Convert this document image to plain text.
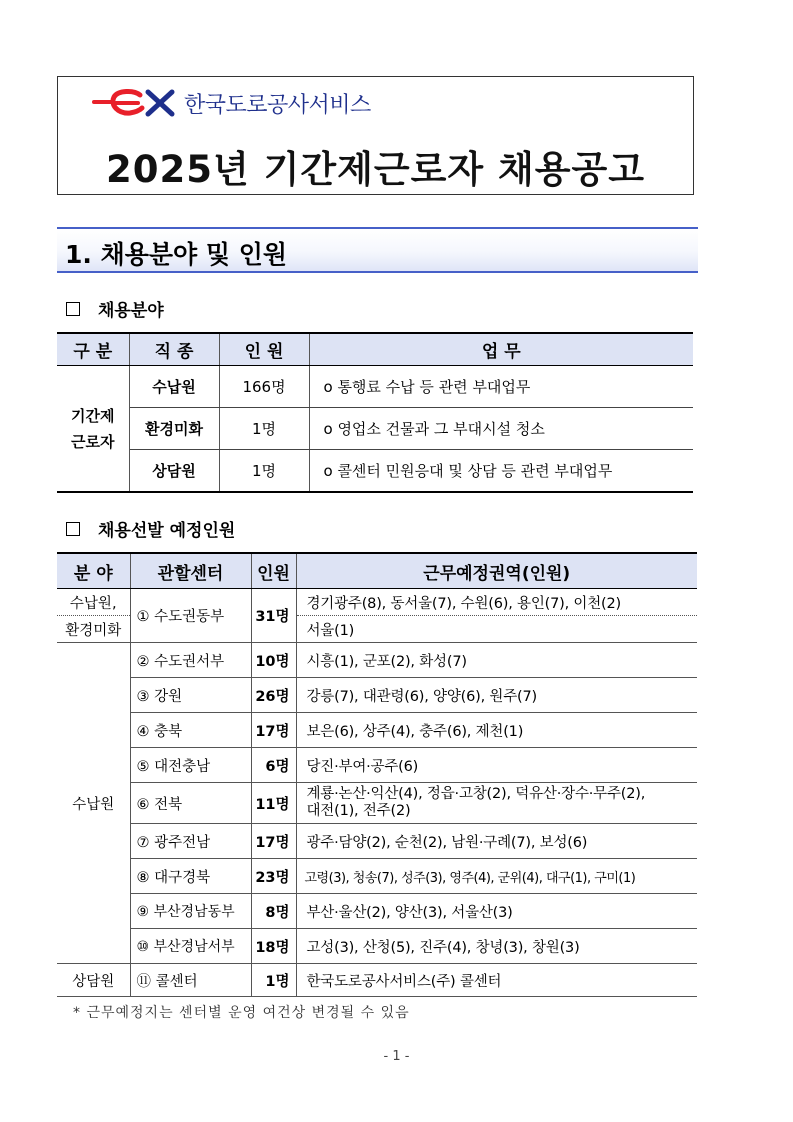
한국도로공사서비스
2025년 기간제근로자 채용공고
1. 채용분야 및 인원
채용분야
구 분	직 종	인 원	업 무
기간제
근로자	수납원	166명	o 통행료 수납 등 관련 부대업무
	환경미화	1명	o 영업소 건물과 그 부대시설 청소
	상담원	1명	o 콜센터 민원응대 및 상담 등 관련 부대업무
채용선발 예정인원
분 야	관할센터	인원	근무예정권역(인원)
수납원,	① 수도권동부	31명	경기광주(8), 동서울(7), 수원(6), 용인(7), 이천(2)
환경미화			서울(1)
수납원	② 수도권서부	10명	시흥(1), 군포(2), 화성(7)
	③ 강원	26명	강릉(7), 대관령(6), 양양(6), 원주(7)
	④ 충북	17명	보은(6), 상주(4), 충주(6), 제천(1)
	⑤ 대전충남	6명	당진·부여·공주(6)
	⑥ 전북	11명	계룡·논산·익산(4), 정읍·고창(2), 덕유산·장수·무주(2),
대전(1), 전주(2)

	⑦ 광주전남	17명	광주·담양(2), 순천(2), 남원·구례(7), 보성(6)
	⑧ 대구경북	23명	고령(3), 청송(7), 성주(3), 영주(4), 군위(4), 대구(1), 구미(1)
	⑨ 부산경남동부	8명	부산·울산(2), 양산(3), 서울산(3)
	⑩ 부산경남서부	18명	고성(3), 산청(5), 진주(4), 창녕(3), 창원(3)
상담원	⑪ 콜센터	1명	한국도로공사서비스(주) 콜센터
* 근무예정지는 센터별 운영 여건상 변경될 수 있음
- 1 -
